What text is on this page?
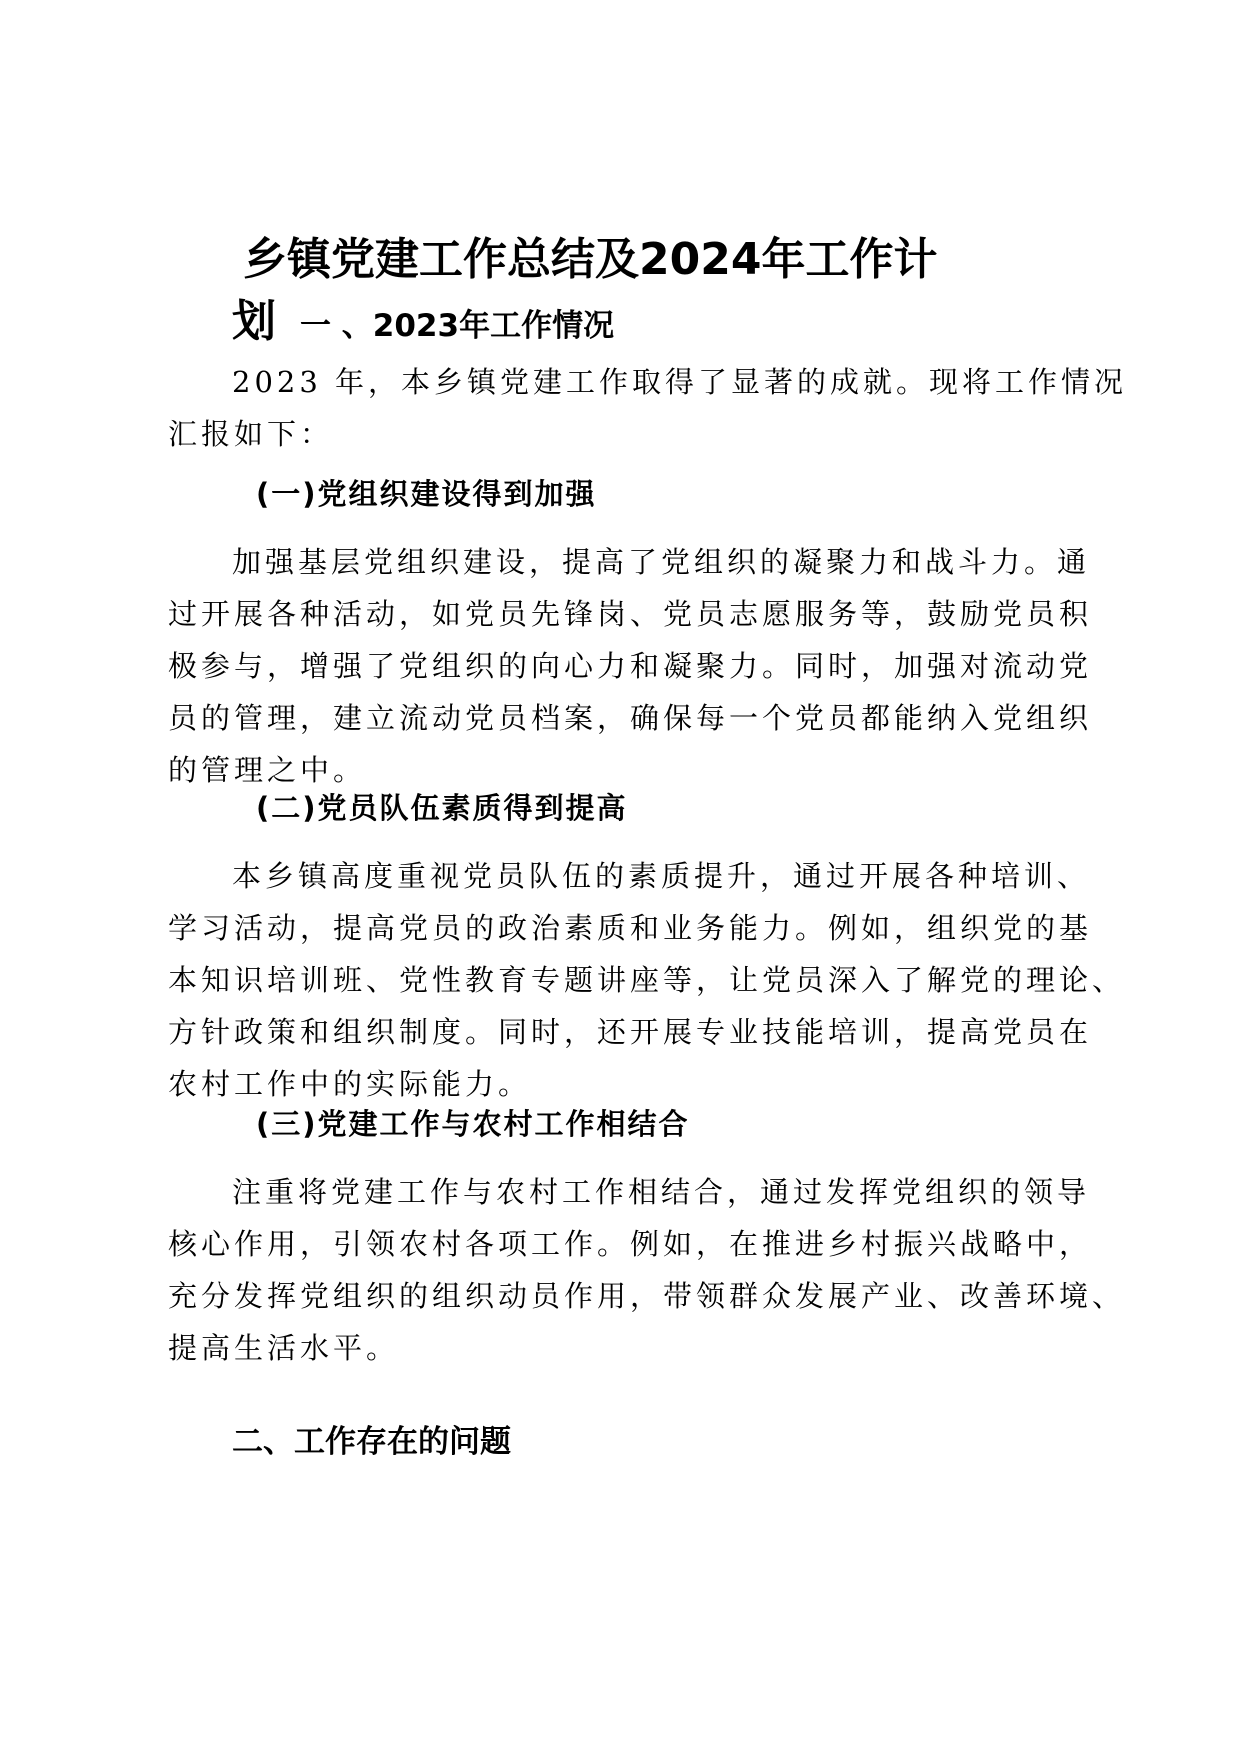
乡镇党建工作总结及2024年工作计
划 一 、2023年工作情况

2023 年，本乡镇党建工作取得了显著的成就。现将工作情况
汇报如下：

(一)党组织建设得到加强

加强基层党组织建设，提高了党组织的凝聚力和战斗力。通
过开展各种活动，如党员先锋岗、党员志愿服务等，鼓励党员积
极参与，增强了党组织的向心力和凝聚力。同时，加强对流动党
员的管理，建立流动党员档案，确保每一个党员都能纳入党组织
的管理之中。

(二)党员队伍素质得到提高

本乡镇高度重视党员队伍的素质提升，通过开展各种培训、
学习活动，提高党员的政治素质和业务能力。例如，组织党的基
本知识培训班、党性教育专题讲座等，让党员深入了解党的理论、
方针政策和组织制度。同时，还开展专业技能培训，提高党员在
农村工作中的实际能力。

(三)党建工作与农村工作相结合

注重将党建工作与农村工作相结合，通过发挥党组织的领导
核心作用，引领农村各项工作。例如，在推进乡村振兴战略中，
充分发挥党组织的组织动员作用，带领群众发展产业、改善环境、
提高生活水平。

二、工作存在的问题
